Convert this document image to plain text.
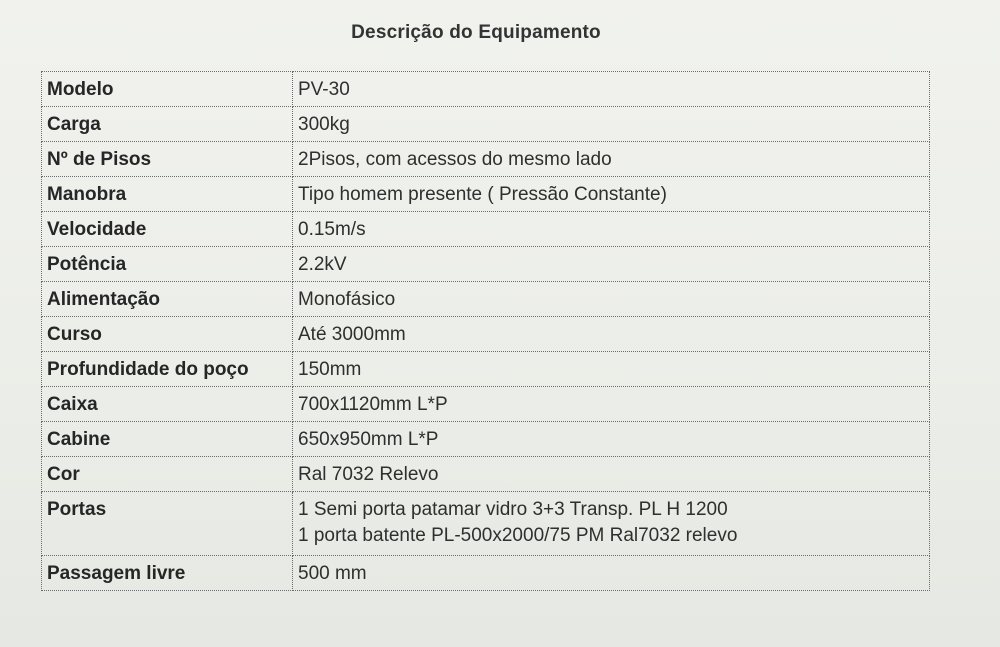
Descrição do Equipamento
Modelo	PV-30

Carga	300kg

Nº de Pisos	2Pisos, com acessos do mesmo lado

Manobra	Tipo homem presente ( Pressão Constante)

Velocidade	0.15m/s

Potência	2.2kV

Alimentação	Monofásico

Curso	Até 3000mm

Profundidade do poço	150mm

Caixa	700x1120mm L*P

Cabine	650x950mm L*P

Cor	Ral 7032 Relevo

Portas	1 Semi porta patamar vidro 3+3 Transp. PL H 1200
1 porta batente PL-500x2000/75 PM Ral7032 relevo

Passagem livre	500 mm
